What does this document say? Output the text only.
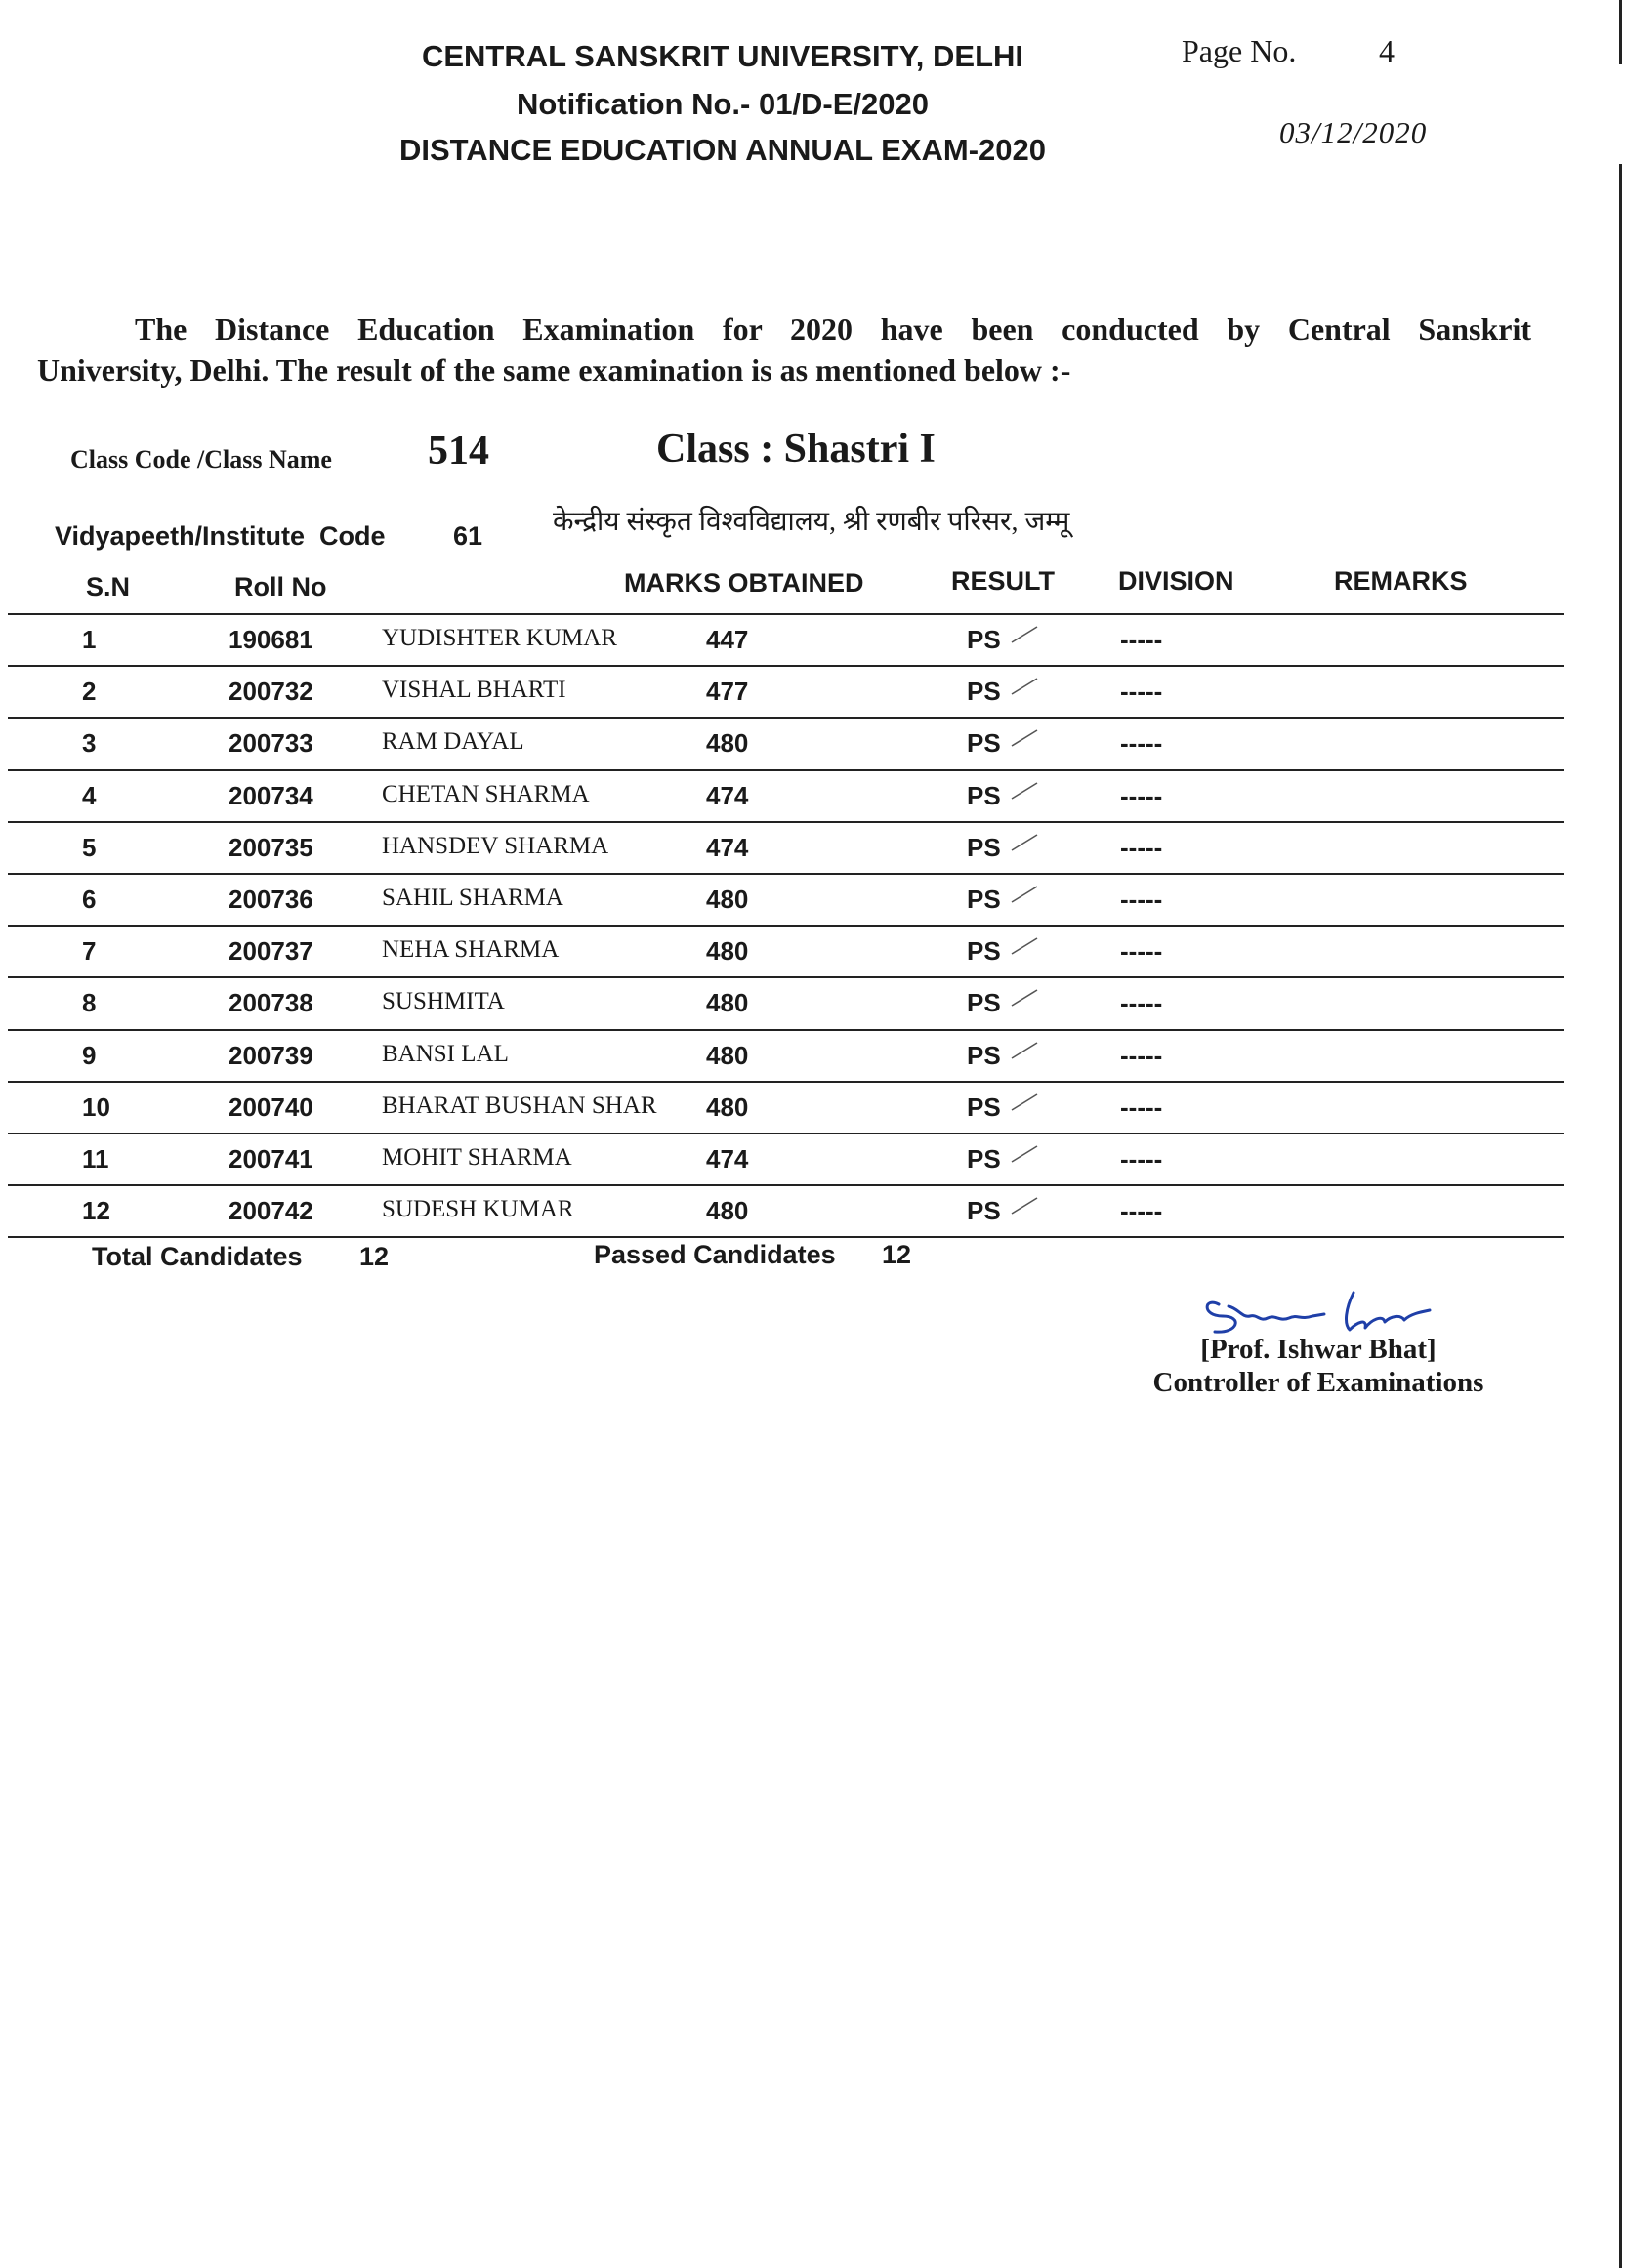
CENTRAL SANSKRIT UNIVERSITY, DELHI
Notification No.- 01/D-E/2020
DISTANCE EDUCATION ANNUAL EXAM-2020
Page No.	4
03/12/2020

The Distance Education Examination for 2020 have been conducted by Central Sanskrit

University, Delhi. The result of the same examination is as mentioned below :-

Class Code /Class Name 514	Class : Shastri I
Vidyapeeth/Institute  Code	61	केन्द्रीय संस्कृत विश्वविद्यालय, श्री रणबीर परिसर, जम्मू
S.N	Roll No	MARKS OBTAINED	RESULT DIVISION	REMARKS
1	190681	YUDISHTER KUMAR	447	PS	-----
2	200732	VISHAL BHARTI	477	PS	-----
3	200733	RAM DAYAL	480	PS	-----
4	200734	CHETAN SHARMA	474	PS	-----
5	200735	HANSDEV SHARMA	474	PS	-----
6	200736	SAHIL SHARMA	480	PS	-----
7	200737	NEHA SHARMA	480	PS	-----
8	200738	SUSHMITA	480	PS	-----
9	200739	BANSI LAL	480	PS	-----
10	200740	BHARAT BUSHAN SHAR 480	PS	-----
11	200741	MOHIT SHARMA	474	PS	-----
12	200742	SUDESH KUMAR	480	PS	-----
Total Candidates 12	Passed Candidates 12
[Prof. Ishwar Bhat]
Controller of Examinations
